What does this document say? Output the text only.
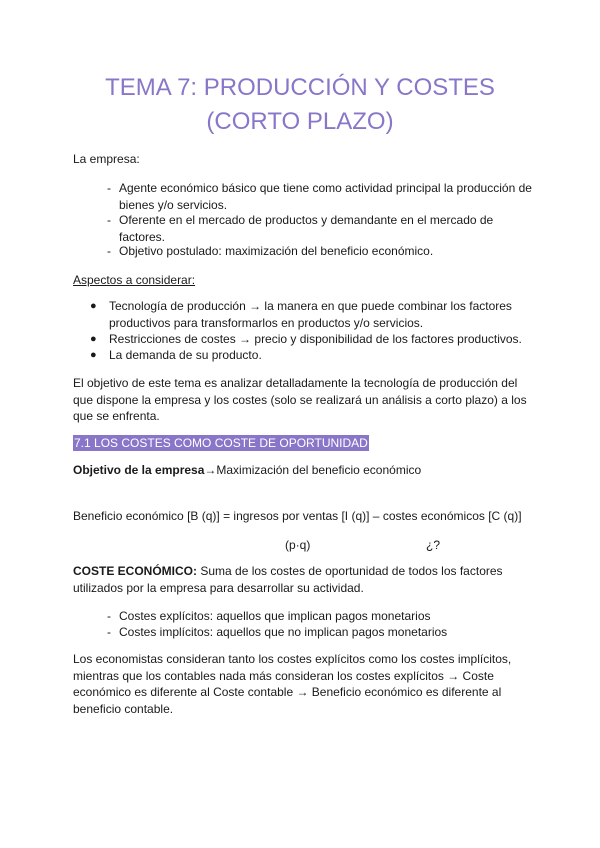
TEMA 7: PRODUCCIÓN Y COSTES
(CORTO PLAZO)

La empresa:

- Agente económico básico que tiene como actividad principal la producción de bienes y/o servicios.
- Oferente en el mercado de productos y demandante en el mercado de factores.
- Objetivo postulado: maximización del beneficio económico.

Aspectos a considerar:

●	Tecnología de producción → la manera en que puede combinar los factores productivos para transformarlos en productos y/o servicios.
●	Restricciones de costes → precio y disponibilidad de los factores productivos.
●	La demanda de su producto.

El objetivo de este tema es analizar detalladamente la tecnología de producción del que dispone la empresa y los costes (solo se realizará un análisis a corto plazo) a los que se enfrenta.

7.1 LOS COSTES COMO COSTE DE OPORTUNIDAD

Objetivo de la empresa→Maximización del beneficio económico

Beneficio económico [B (q)] = ingresos por ventas [I (q)] – costes económicos [C (q)]

(p·q)	¿?

COSTE ECONÓMICO: Suma de los costes de oportunidad de todos los factores utilizados por la empresa para desarrollar su actividad.

- Costes explícitos: aquellos que implican pagos monetarios
- Costes implícitos: aquellos que no implican pagos monetarios

Los economistas consideran tanto los costes explícitos como los costes implícitos, mientras que los contables nada más consideran los costes explícitos → Coste económico es diferente al Coste contable → Beneficio económico es diferente al beneficio contable.
